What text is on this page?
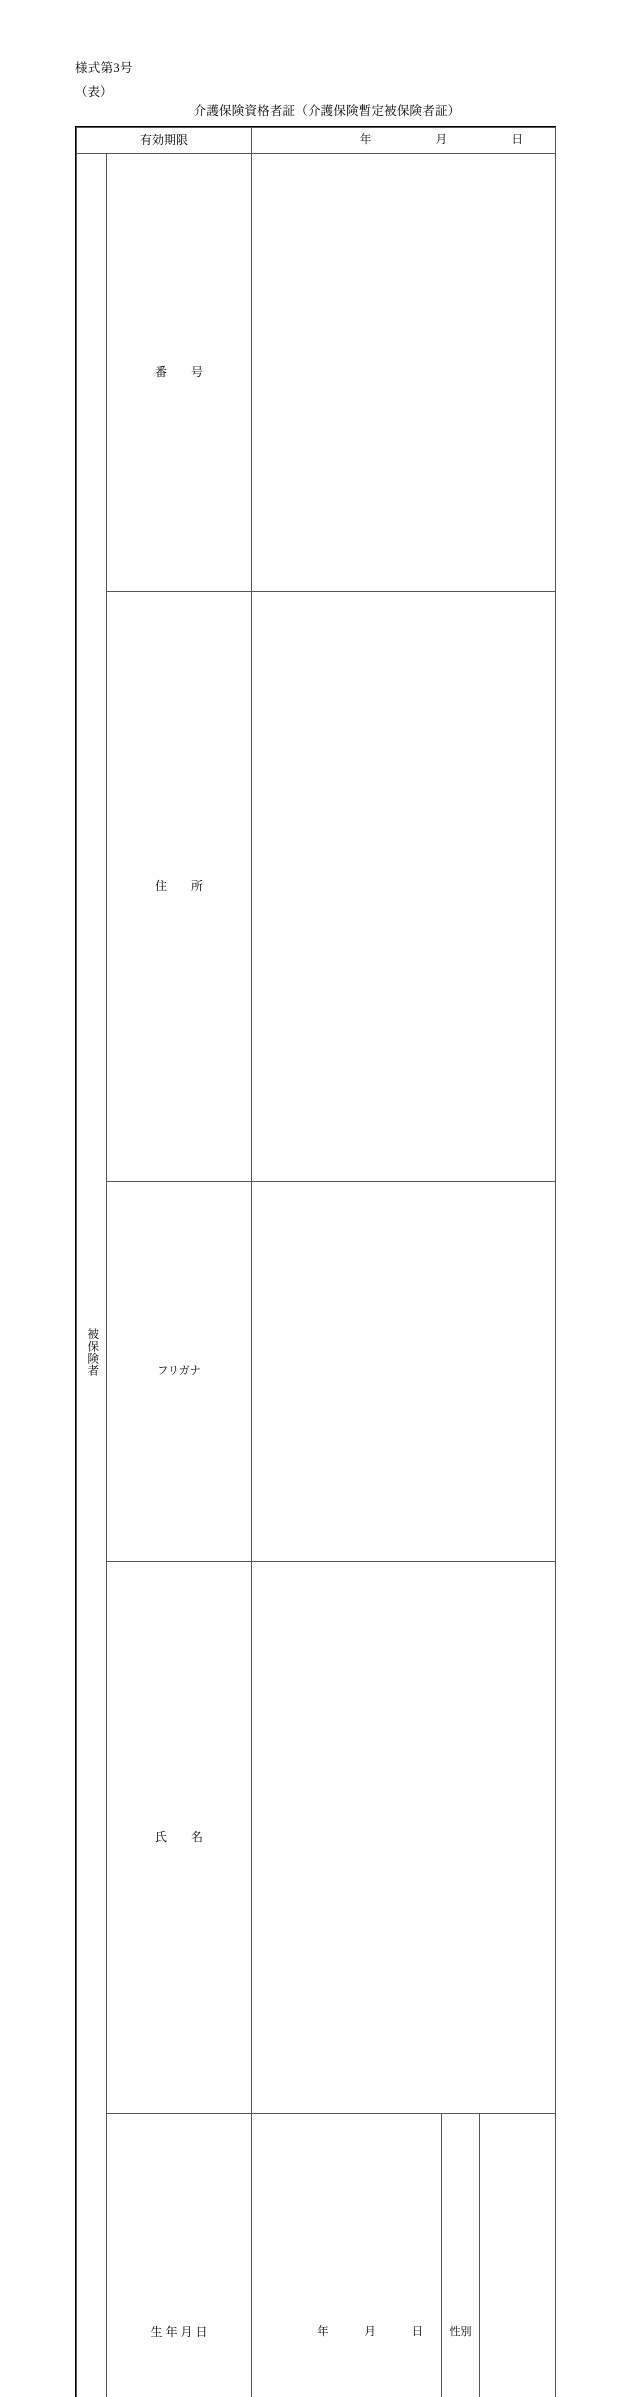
様式第3号
（表）
介護保険資格者証（介護保険暫定被保険者証）
有効期限		年 月 日						

被保険者	番　　号							
	住　　所							
	フリガナ							
	氏　　名							
	生 年 月 日	年 月 日				性別		
